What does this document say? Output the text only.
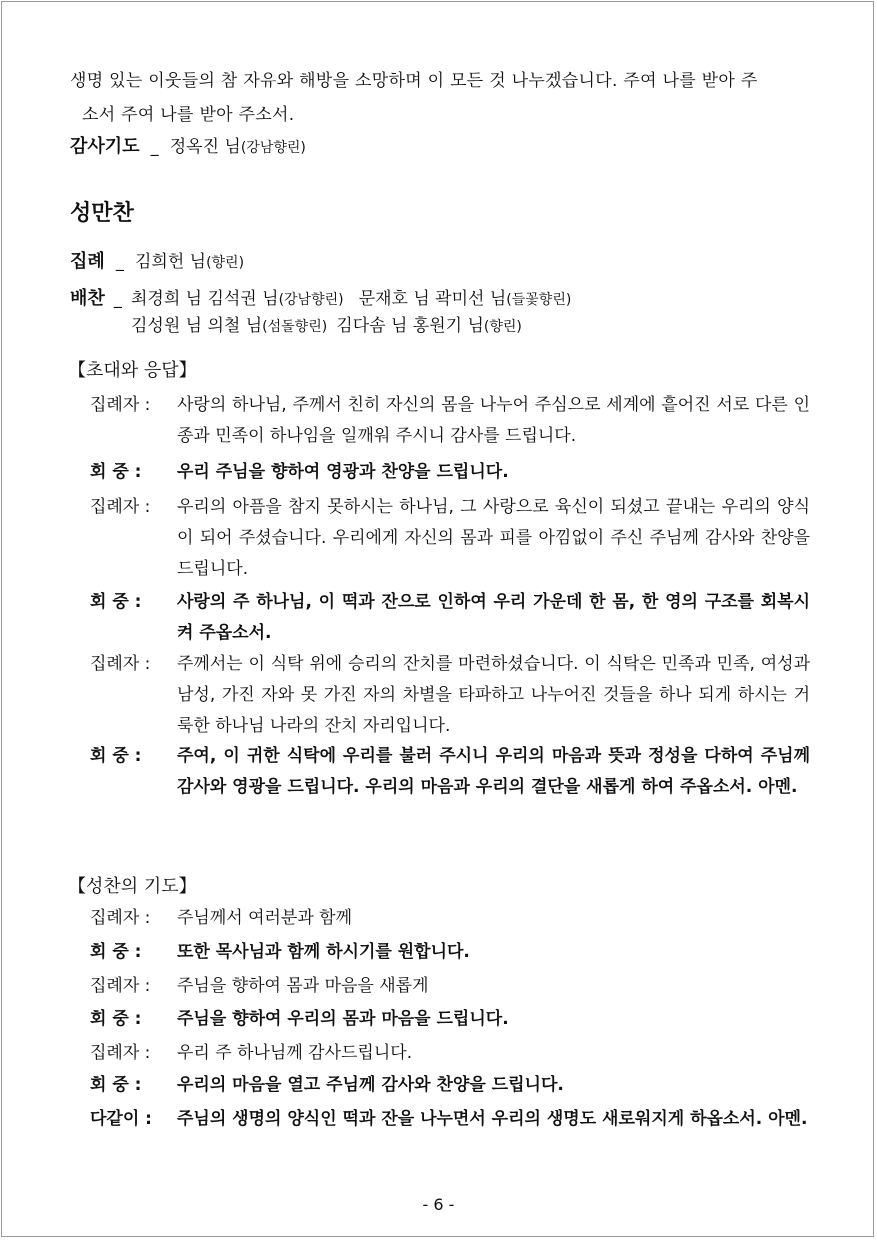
생명 있는 이웃들의 참 자유와 해방을 소망하며 이 모든 것 나누겠습니다. 주여 나를 받아 주
소서 주여 나를 받아 주소서.
감사기도 _ 정옥진 님(강남향린)
성만찬
집례 _ 김희헌 님(향린)
배찬 _ 최경희 님 김석권 님(강남향린) 문재호 님 곽미선 님(들꽃향린)
김성원 님 의철 님(섬돌향린) 김다솜 님 홍원기 님(향린)
【초대와 응답】
집례자 : 사랑의 하나님, 주께서 친히 자신의 몸을 나누어 주심으로 세계에 흩어진 서로 다른 인종과 민족이 하나임을 일깨워 주시니 감사를 드립니다.
회 중 : 우리 주님을 향하여 영광과 찬양을 드립니다.
집례자 : 우리의 아픔을 참지 못하시는 하나님, 그 사랑으로 육신이 되셨고 끝내는 우리의 양식이 되어 주셨습니다. 우리에게 자신의 몸과 피를 아낌없이 주신 주님께 감사와 찬양을 드립니다.
회 중 : 사랑의 주 하나님, 이 떡과 잔으로 인하여 우리 가운데 한 몸, 한 영의 구조를 회복시켜 주옵소서.
집례자 : 주께서는 이 식탁 위에 승리의 잔치를 마련하셨습니다. 이 식탁은 민족과 민족, 여성과 남성, 가진 자와 못 가진 자의 차별을 타파하고 나누어진 것들을 하나 되게 하시는 거룩한 하나님 나라의 잔치 자리입니다.
회 중 : 주여, 이 귀한 식탁에 우리를 불러 주시니 우리의 마음과 뜻과 정성을 다하여 주님께 감사와 영광을 드립니다. 우리의 마음과 우리의 결단을 새롭게 하여 주옵소서. 아멘.
【성찬의 기도】
집례자 : 주님께서 여러분과 함께
회 중 : 또한 목사님과 함께 하시기를 원합니다.
집례자 : 주님을 향하여 몸과 마음을 새롭게
회 중 : 주님을 향하여 우리의 몸과 마음을 드립니다.
집례자 : 우리 주 하나님께 감사드립니다.
회 중 : 우리의 마음을 열고 주님께 감사와 찬양을 드립니다.
다같이 : 주님의 생명의 양식인 떡과 잔을 나누면서 우리의 생명도 새로워지게 하옵소서. 아멘.
- 6 -
